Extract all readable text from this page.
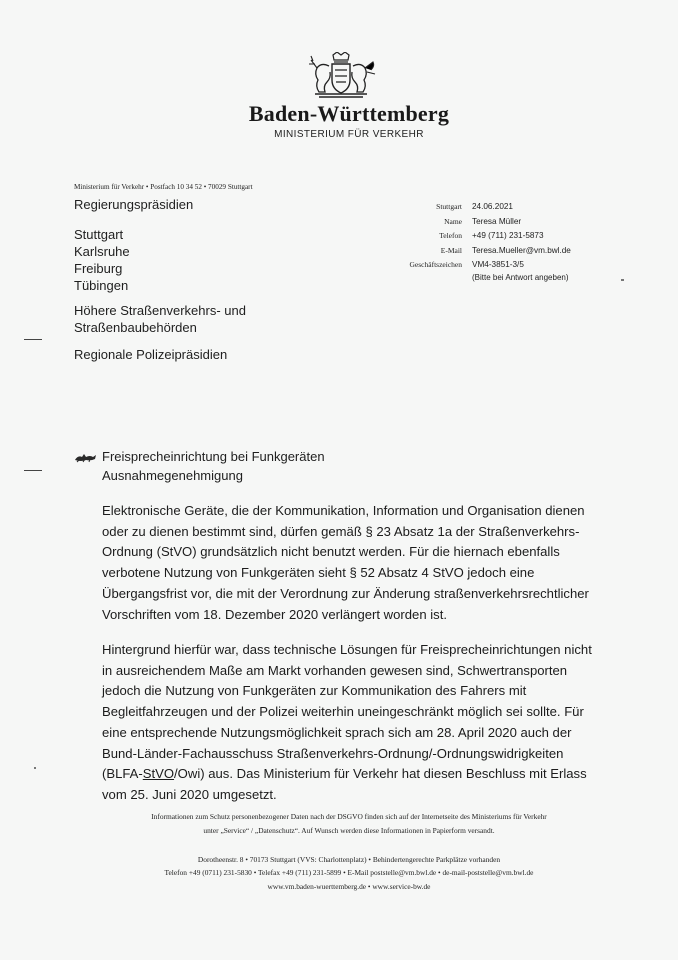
Baden-Württemberg
MINISTERIUM FÜR VERKEHR
Ministerium für Verkehr • Postfach 10 34 52 • 70029 Stuttgart
Regierungspräsidien
Stuttgart
Karlsruhe
Freiburg
Tübingen
Höhere Straßenverkehrs- und
Straßenbaubehörden
Regionale Polizeipräsidien
Stuttgart 24.06.2021
Name Teresa Müller
Telefon +49 (711) 231-5873
E-Mail Teresa.Mueller@vm.bwl.de
Geschäftszeichen VM4-3851-3/5
(Bitte bei Antwort angeben)
Freisprecheinrichtung bei Funkgeräten
Ausnahmegenehmigung
Elektronische Geräte, die der Kommunikation, Information und Organisation dienen
oder zu dienen bestimmt sind, dürfen gemäß § 23 Absatz 1a der Straßenverkehrs-
Ordnung (StVO) grundsätzlich nicht benutzt werden. Für die hiernach ebenfalls
verbotene Nutzung von Funkgeräten sieht § 52 Absatz 4 StVO jedoch eine
Übergangsfrist vor, die mit der Verordnung zur Änderung straßenverkehrsrechtlicher
Vorschriften vom 18. Dezember 2020 verlängert worden ist.
Hintergrund hierfür war, dass technische Lösungen für Freisprecheinrichtungen nicht
in ausreichendem Maße am Markt vorhanden gewesen sind, Schwertransporten
jedoch die Nutzung von Funkgeräten zur Kommunikation des Fahrers mit
Begleitfahrzeugen und der Polizei weiterhin uneingeschränkt möglich sei sollte. Für
eine entsprechende Nutzungsmöglichkeit sprach sich am 28. April 2020 auch der
Bund-Länder-Fachausschuss Straßenverkehrs-Ordnung/-Ordnungswidrigkeiten
(BLFA-StVO/Owi) aus. Das Ministerium für Verkehr hat diesen Beschluss mit Erlass
vom 25. Juni 2020 umgesetzt.
Informationen zum Schutz personenbezogener Daten nach der DSGVO finden sich auf der Internetseite des Ministeriums für Verkehr
unter „Service“ / „Datenschutz“. Auf Wunsch werden diese Informationen in Papierform versandt.
Dorotheenstr. 8 • 70173 Stuttgart (VVS: Charlottenplatz) • Behindertengerechte Parkplätze vorhanden
Telefon +49 (0711) 231-5830 • Telefax +49 (711) 231-5899 • E-Mail poststelle@vm.bwl.de • de-mail-poststelle@vm.bwl.de
www.vm.baden-wuerttemberg.de • www.service-bw.de
